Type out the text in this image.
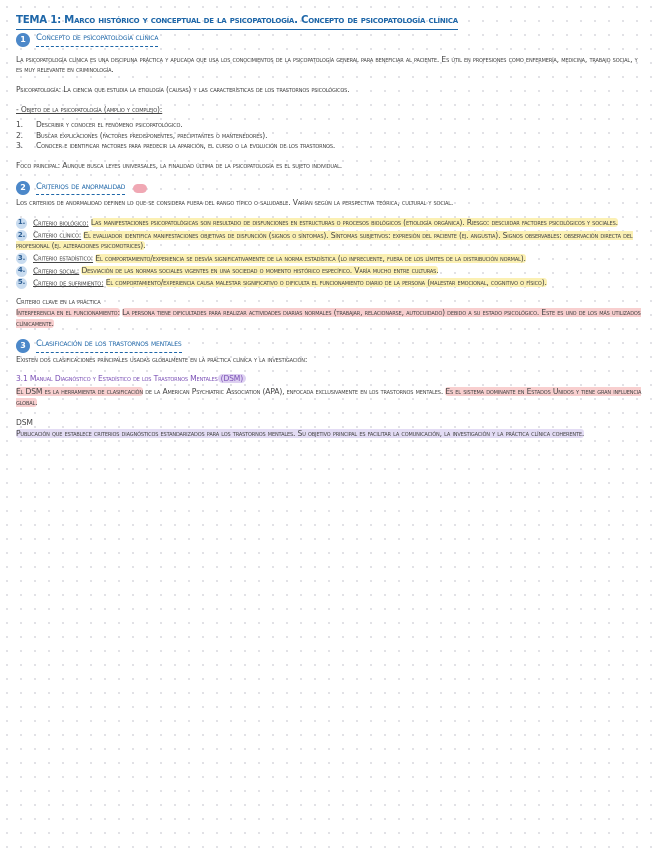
TEMA 1: Marco histórico y conceptual de la psicopatología. Concepto de psicopatología clínica
1	Concepto de psicopatología clínica

La psicopatología clínica es una disciplina práctica y aplicada que usa los conocimientos de la psicopatología general para beneficiar al paciente. Es útil en profesiones como enfermería, medicina, trabajo social, y es muy relevante en criminología.

Psicopatología: La ciencia que estudia la etiología (causas) y las características de los trastornos psicológicos.

- Objeto de la psicopatología (amplio y complejo):

1. Describir y conocer el fenómeno psicopatológico.
2. Buscar explicaciones (factores predisponentes, precipitantes o mantenedores).
3. Conocer e identificar factores para predecir la aparición, el curso o la evolución de los trastornos.

Foco principal: Aunque busca leyes universales, la finalidad última de la psicopatología es el sujeto individual.

2	Criterios de anormalidad

Los criterios de anormalidad definen lo que se considera fuera del rango típico o saludable. Varían según la perspectiva teórica, cultural y social.

1. Criterio biológico: Las manifestaciones psicopatológicas son resultado de disfunciones en estructuras o procesos biológicos (etiología orgánica). Riesgo: descuidar factores psicológicos y sociales.
2. Criterio clínico: El evaluador identifica manifestaciones objetivas de disfunción (signos o síntomas). Síntomas subjetivos: expresión del paciente (ej. angustia). Signos observables: observación directa del profesional (ej. alteraciones psicomotrices).
3. Criterio estadístico: El comportamiento/experiencia se desvía significativamente de la norma estadística (lo infrecuente, fuera de los límites de la distribución normal).
4. Criterio social: Desviación de las normas sociales vigentes en una sociedad o momento histórico específico. Varía mucho entre culturas.
5. Criterio de sufrimiento: El comportamiento/experiencia causa malestar significativo o dificulta el funcionamiento diario de la persona (malestar emocional, cognitivo o físico).
Criterio clave en la práctica

Interferencia en el funcionamiento: La persona tiene dificultades para realizar actividades diarias normales (trabajar, relacionarse, autocuidado) debido a su estado psicológico. Este es uno de los más utilizados clínicamente.

3	Clasificación de los trastornos mentales

Existen dos clasificaciones principales usadas globalmente en la práctica clínica y la investigación:

3.1 Manual Diagnóstico y Estadístico de los Trastornos Mentales (DSM)

El DSM es la herramienta de clasificación de la American Psychiatric Association (APA), enfocada exclusivamente en los trastornos mentales. Es el sistema dominante en Estados Unidos y tiene gran influencia global.

DSM

Publicación que establece criterios diagnósticos estandarizados para los trastornos mentales. Su objetivo principal es facilitar la comunicación, la investigación y la práctica clínica coherente.
